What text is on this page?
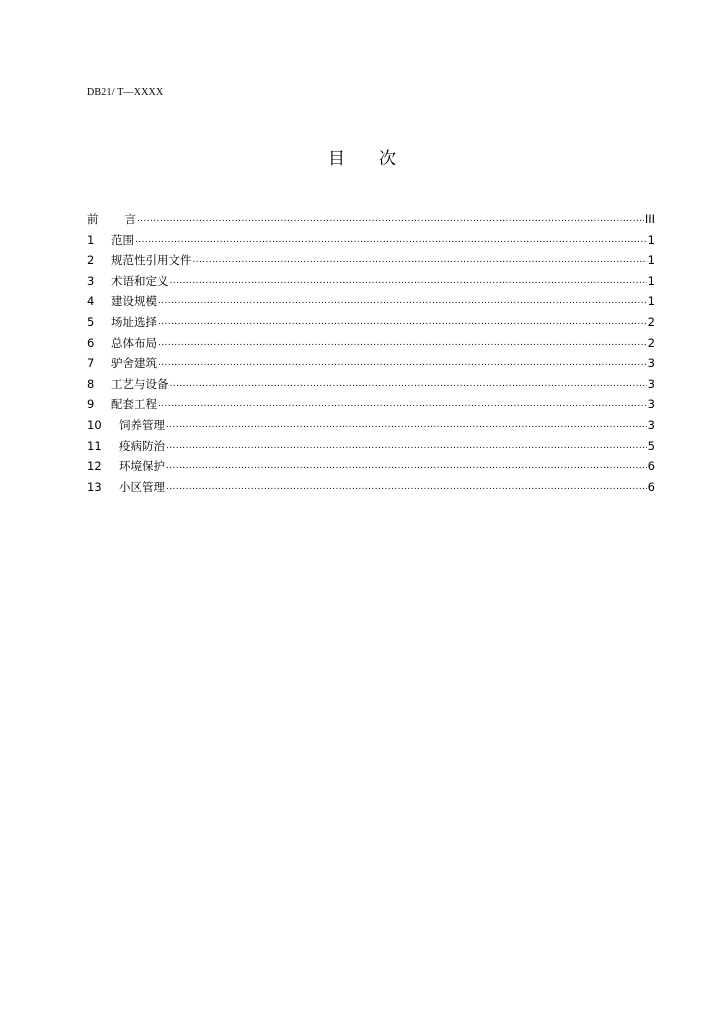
DB21/ T—XXXX
目 次
前 言 .....	III
1	范围 .....	1
2	规范性引用文件 .....	1
3	术语和定义 .....	1
4	建设规模 .....	1
5	场址选择 .....	2
6	总体布局 .....	2
7	驴舍建筑 .....	3
8	工艺与设备 .....	3
9	配套工程 .....	3
10	饲养管理 .....	3
11	疫病防治 .....	5
12	环境保护 .....	6
13	小区管理 .....	6
